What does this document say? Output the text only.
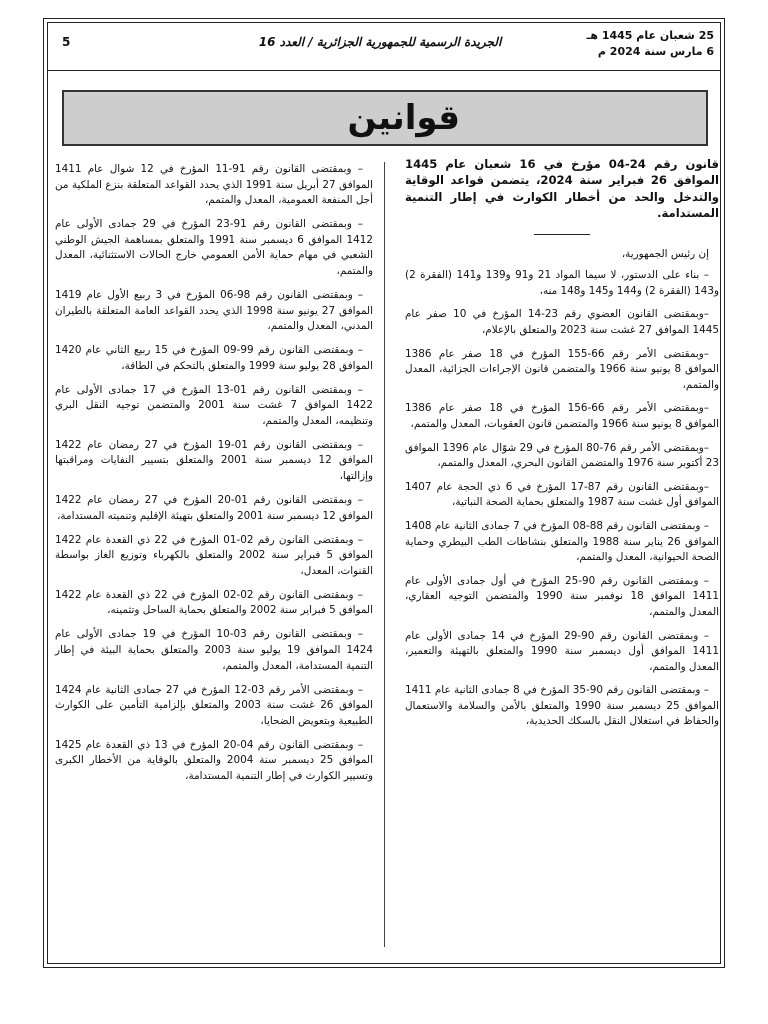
25 شعبان عام 1445 هـ
6 مارس سنة 2024 م
الجريدة الرسمية للجمهورية الجزائرية / العدد 16
5
قوانين
قانون رقم 24-04 مؤرخ في 16 شعبان عام 1445 الموافق 26 فبراير سنة 2024، يتضمن قواعد الوقاية والتدخل والحد من أخطار الكوارث في إطار التنمية المستدامة.
إن رئيس الجمهورية،

– بناء على الدستور، لا سيما المواد 21 و91 و139 و141 (الفقرة 2) و143 (الفقرة 2) و144 و145 و148 منه،

–وبمقتضى القانون العضوي رقم 23-14 المؤرخ في 10 صفر عام 1445 الموافق 27 غشت سنة 2023 والمتعلق بالإعلام،

–وبمقتضى الأمر رقم 66-155 المؤرخ في 18 صفر عام 1386 الموافق 8 يونيو سنة 1966 والمتضمن قانون الإجراءات الجزائية، المعدل والمتمم،

–وبمقتضى الأمر رقم 66-156 المؤرخ في 18 صفر عام 1386 الموافق 8 يونيو سنة 1966 والمتضمن قانون العقوبات، المعدل والمتمم،

–وبمقتضى الأمر رقم 76-80 المؤرخ في 29 شوّال عام 1396 الموافق 23 أكتوبر سنة 1976 والمتضمن القانون البحري، المعدل والمتمم،

–وبمقتضى القانون رقم 87-17 المؤرخ في 6 ذي الحجة عام 1407 الموافق أول غشت سنة 1987 والمتعلق بحماية الصحة النباتية،

– وبمقتضى القانون رقم 88-08 المؤرخ في 7 جمادى الثانية عام 1408 الموافق 26 يناير سنة 1988 والمتعلق بنشاطات الطب البيطري وحماية الصحة الحيوانية، المعدل والمتمم،

– وبمقتضى القانون رقم 90-25 المؤرخ في أول جمادى الأولى عام 1411 الموافق 18 نوفمبر سنة 1990 والمتضمن التوجيه العقاري، المعدل والمتمم،

– وبمقتضى القانون رقم 90-29 المؤرخ في 14 جمادى الأولى عام 1411 الموافق أول ديسمبر سنة 1990 والمتعلق بالتهيئة والتعمير، المعدل والمتمم،

– وبمقتضى القانون رقم 90-35 المؤرخ في 8 جمادى الثانية عام 1411 الموافق 25 ديسمبر سنة 1990 والمتعلق بالأمن والسلامة والاستعمال والحفاظ في استغلال النقل بالسكك الحديدية،

– وبمقتضى القانون رقم 91-11 المؤرخ في 12 شوال عام 1411 الموافق 27 أبريل سنة 1991 الذي يحدد القواعد المتعلقة بنزع الملكية من أجل المنفعة العمومية، المعدل والمتمم،

– وبمقتضى القانون رقم 91-23 المؤرخ في 29 جمادى الأولى عام 1412 الموافق 6 ديسمبر سنة 1991 والمتعلق بمساهمة الجيش الوطني الشعبي في مهام حماية الأمن العمومي خارج الحالات الاستثنائية، المعدل والمتمم،

– وبمقتضى القانون رقم 98-06 المؤرخ في 3 ربيع الأول عام 1419 الموافق 27 يونيو سنة 1998 الذي يحدد القواعد العامة المتعلقة بالطيران المدني، المعدل والمتمم،

– وبمقتضى القانون رقم 99-09 المؤرخ في 15 ربيع الثاني عام 1420 الموافق 28 يوليو سنة 1999 والمتعلق بالتحكم في الطاقة،

– وبمقتضى القانون رقم 01-13 المؤرخ في 17 جمادى الأولى عام 1422 الموافق 7 غشت سنة 2001 والمتضمن توجيه النقل البري وتنظيمه، المعدل والمتمم،

– وبمقتضى القانون رقم 01-19 المؤرخ في 27 رمضان عام 1422 الموافق 12 ديسمبر سنة 2001 والمتعلق بتسيير النفايات ومراقبتها وإزالتها،

– وبمقتضى القانون رقم 01-20 المؤرخ في 27 رمضان عام 1422 الموافق 12 ديسمبر سنة 2001 والمتعلق بتهيئة الإقليم وتنميته المستدامة،

– وبمقتضى القانون رقم 02-01 المؤرخ في 22 ذي القعدة عام 1422 الموافق 5 فبراير سنة 2002 والمتعلق بالكهرباء وتوزيع الغاز بواسطة القنوات، المعدل،

– وبمقتضى القانون رقم 02-02 المؤرخ في 22 ذي القعدة عام 1422 الموافق 5 فبراير سنة 2002 والمتعلق بحماية الساحل وتثمينه،

– وبمقتضى القانون رقم 03-10 المؤرخ في 19 جمادى الأولى عام 1424 الموافق 19 يوليو سنة 2003 والمتعلق بحماية البيئة في إطار التنمية المستدامة، المعدل والمتمم،

– وبمقتضى الأمر رقم 03-12 المؤرخ في 27 جمادى الثانية عام 1424 الموافق 26 غشت سنة 2003 والمتعلق بإلزامية التأمين على الكوارث الطبيعية وبتعويض الضحايا،

– وبمقتضى القانون رقم 04-20 المؤرخ في 13 ذي القعدة عام 1425 الموافق 25 ديسمبر سنة 2004 والمتعلق بالوقاية من الأخطار الكبرى وتسيير الكوارث في إطار التنمية المستدامة،
